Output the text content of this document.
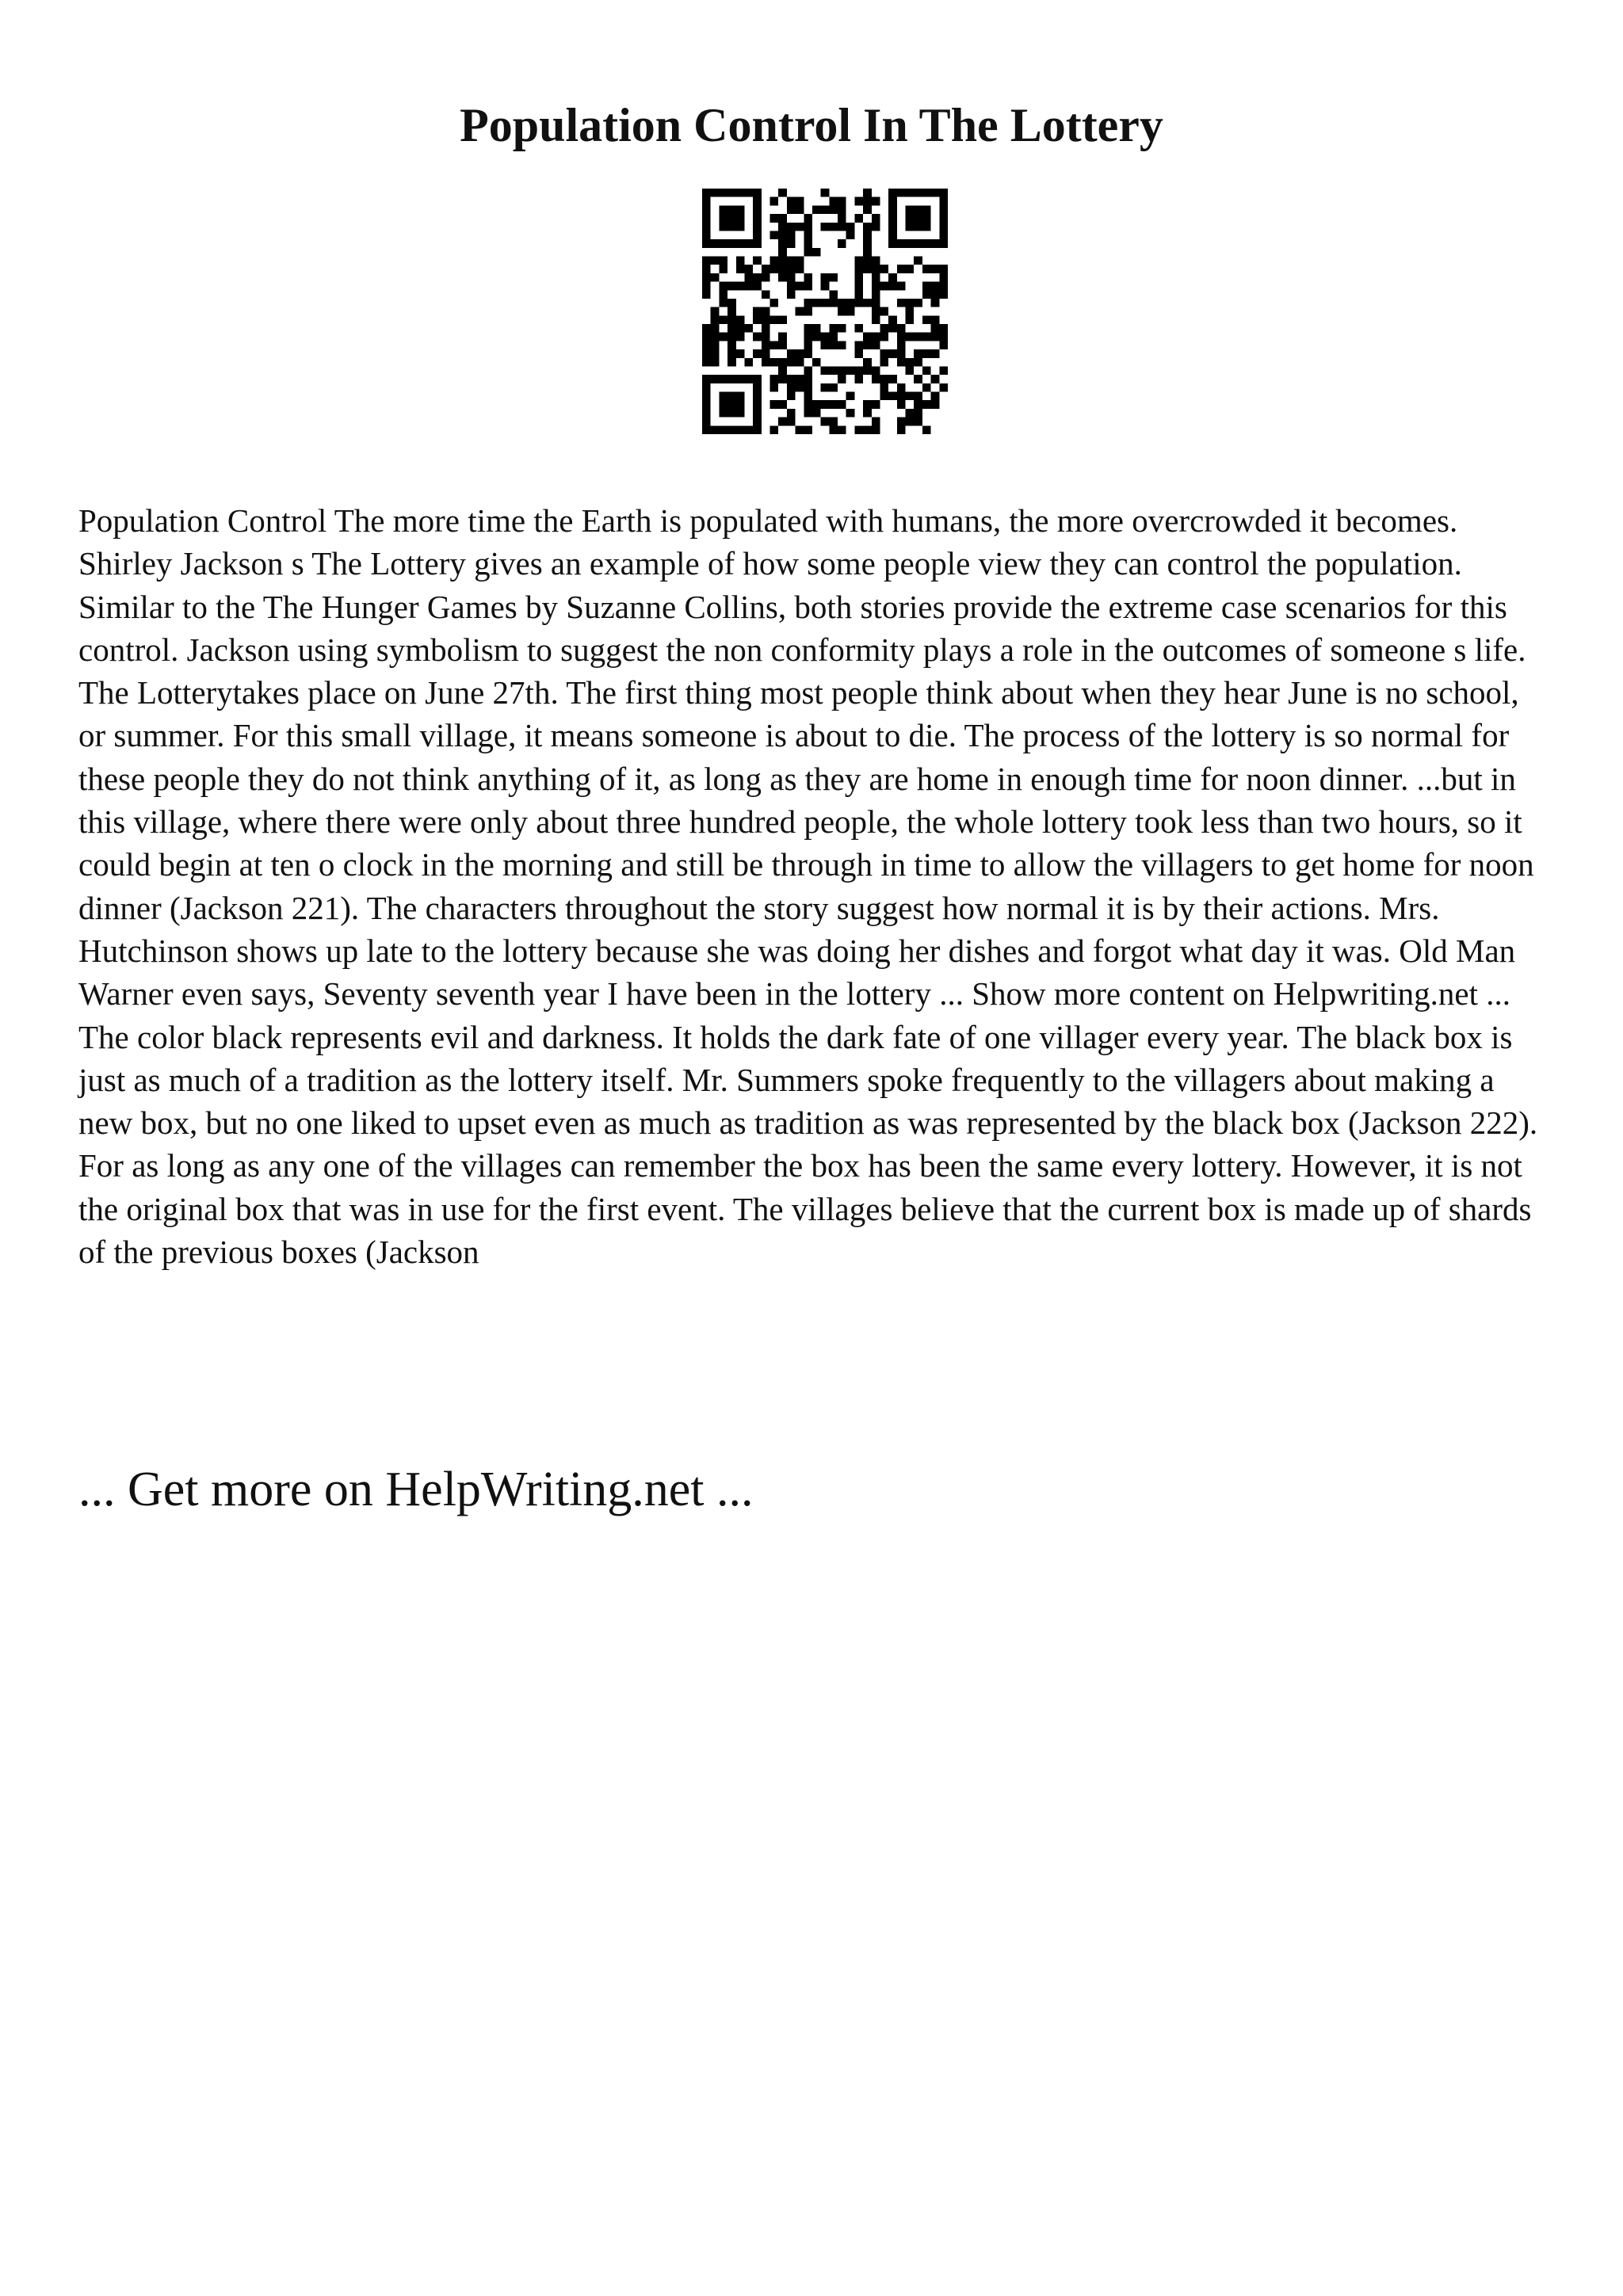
Population Control In The Lottery

Population Control The more time the Earth is populated with humans, the more overcrowded it becomes. Shirley Jackson s The Lottery gives an example of how some people view they can control the population. Similar to the The Hunger Games by Suzanne Collins, both stories provide the extreme case scenarios for this control. Jackson using symbolism to suggest the non conformity plays a role in the outcomes of someone s life. The Lotterytakes place on June 27th. The first thing most people think about when they hear June is no school, or summer. For this small village, it means someone is about to die. The process of the lottery is so normal for these people they do not think anything of it, as long as they are home in enough time for noon dinner. ...but in this village, where there were only about three hundred people, the whole lottery took less than two hours, so it could begin at ten o clock in the morning and still be through in time to allow the villagers to get home for noon dinner (Jackson 221). The characters throughout the story suggest how normal it is by their actions. Mrs. Hutchinson shows up late to the lottery because she was doing her dishes and forgot what day it was. Old Man Warner even says, Seventy seventh year I have been in the lottery ... Show more content on Helpwriting.net ...

The color black represents evil and darkness. It holds the dark fate of one villager every year. The black box is just as much of a tradition as the lottery itself. Mr. Summers spoke frequently to the villagers about making a new box, but no one liked to upset even as much as tradition as was represented by the black box (Jackson 222). For as long as any one of the villages can remember the box has been the same every lottery. However, it is not the original box that was in use for the first event. The villages believe that the current box is made up of shards of the previous boxes (Jackson

... Get more on HelpWriting.net ...
